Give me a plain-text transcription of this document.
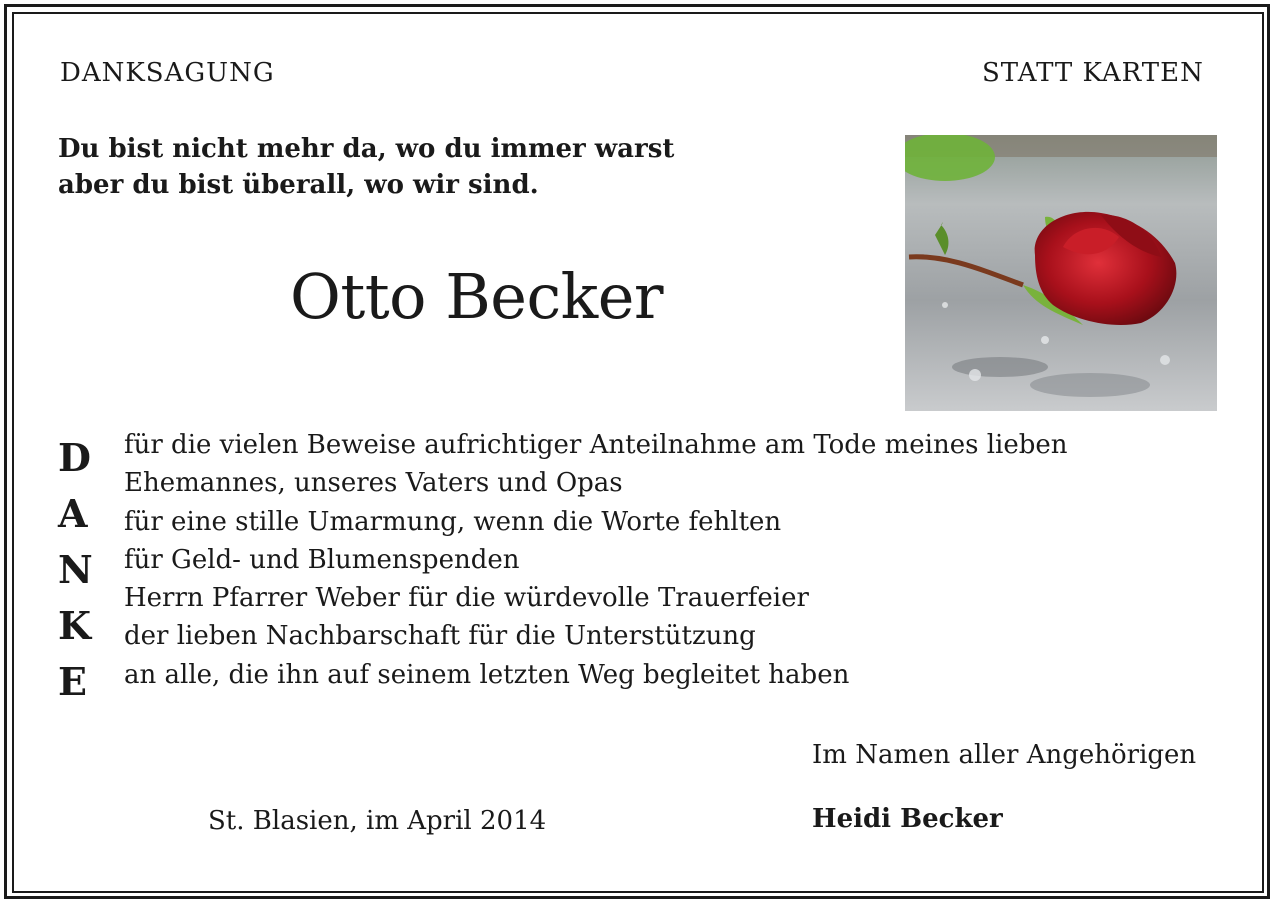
DANKSAGUNG	STATT KARTEN
Du bist nicht mehr da, wo du immer warst
aber du bist überall, wo wir sind.
Otto Becker
D
A
N
K
E
für die vielen Beweise aufrichtiger Anteilnahme am Tode meines lieben
Ehemannes, unseres Vaters und Opas
für eine stille Umarmung, wenn die Worte fehlten
für Geld- und Blumenspenden
Herrn Pfarrer Weber für die würdevolle Trauerfeier
der lieben Nachbarschaft für die Unterstützung
an alle, die ihn auf seinem letzten Weg begleitet haben
Im Namen aller Angehörigen
Heidi Becker
St. Blasien, im April 2014
